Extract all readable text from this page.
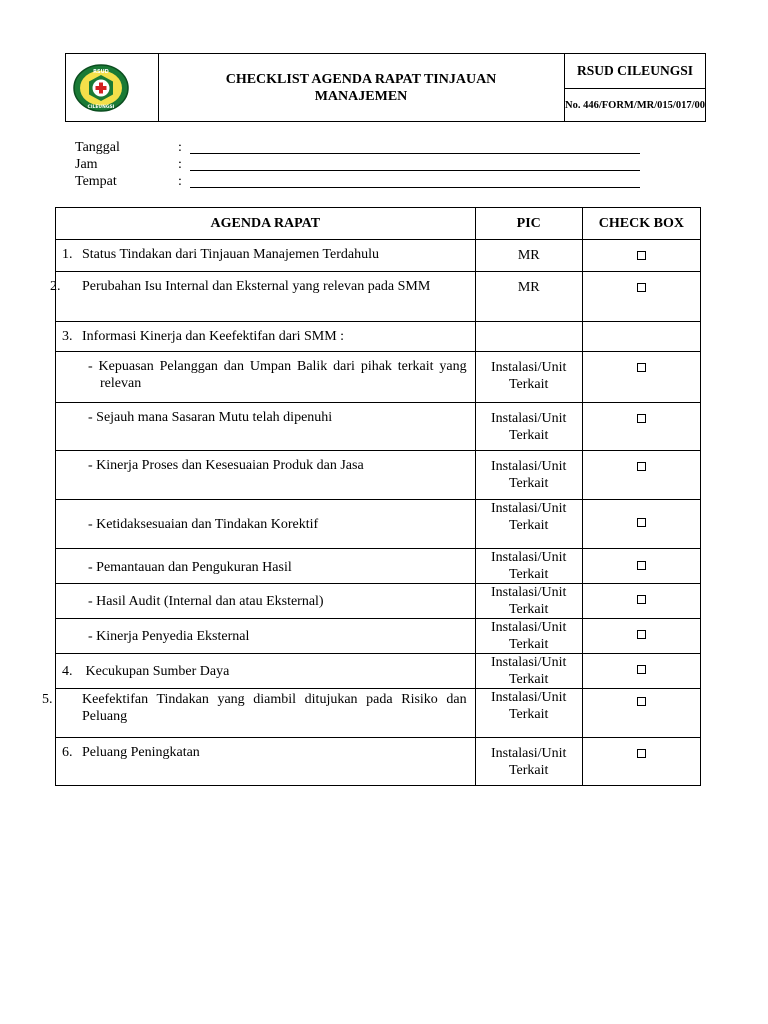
RSUD
CILEUNGSI
CHECKLIST AGENDA RAPAT TINJAUAN MANAJEMEN
RSUD CILEUNGSI
No. 446/FORM/MR/015/017/00
Tanggal	:
Jam	:
Tempat	:
AGENDA RAPAT	PIC	CHECK BOX

1. Status Tindakan dari Tinjauan Manajemen Terdahulu	MR	

2. Perubahan Isu Internal dan Eksternal yang relevan pada SMM	MR	

3. Informasi Kinerja dan Keefektifan dari SMM :		

- Kepuasan Pelanggan dan Umpan Balik dari pihak terkait yang relevan	Instalasi/Unit Terkait	

- Sejauh mana Sasaran Mutu telah dipenuhi	Instalasi/Unit Terkait	

- Kinerja Proses dan Kesesuaian Produk dan Jasa	Instalasi/Unit Terkait	

- Ketidaksesuaian dan Tindakan Korektif	Instalasi/Unit Terkait	

- Pemantauan dan Pengukuran Hasil	Instalasi/Unit Terkait	

- Hasil Audit (Internal dan atau Eksternal)	Instalasi/Unit Terkait	

- Kinerja Penyedia Eksternal	Instalasi/Unit Terkait	

4. Kecukupan Sumber Daya	Instalasi/Unit Terkait	

5. Keefektifan Tindakan yang diambil ditujukan pada Risiko dan Peluang	Instalasi/Unit Terkait	

6. Peluang Peningkatan	Instalasi/Unit Terkait	
